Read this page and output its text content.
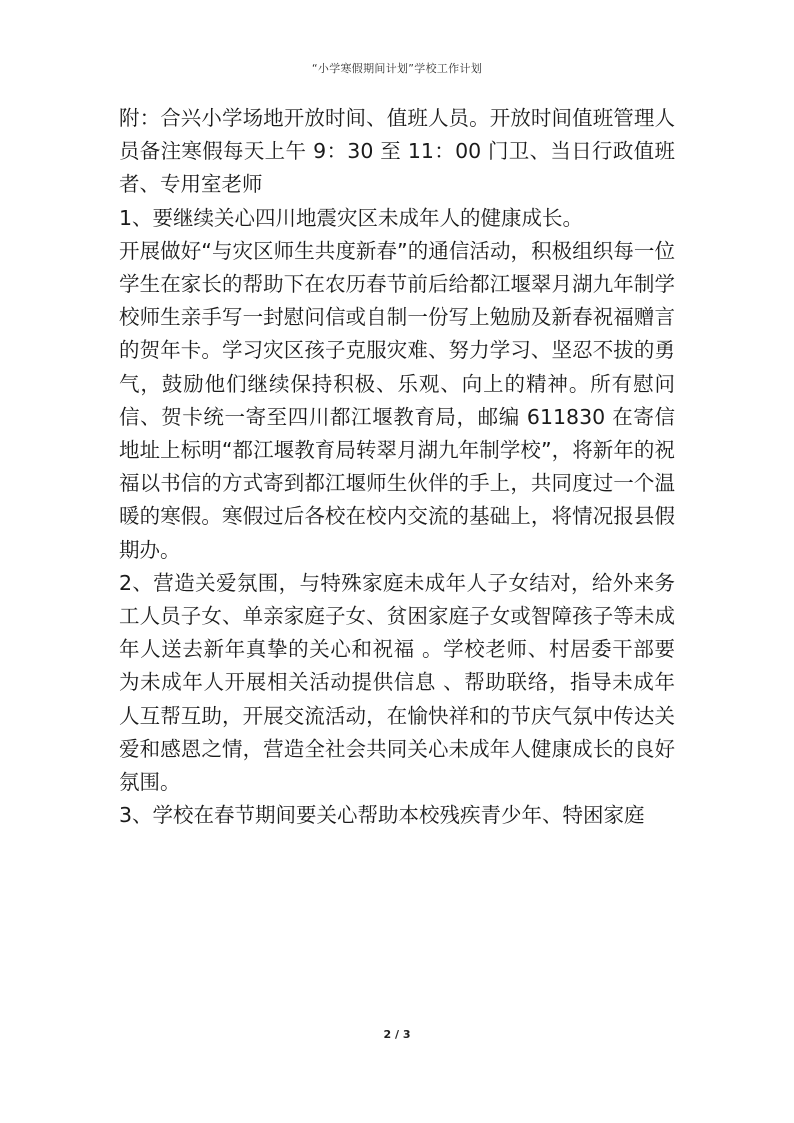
“小学寒假期间计划”学校工作计划

附：合兴小学场地开放时间、值班人员。开放时间值班管理人员备注寒假每天上午 9：30 至 11：00 门卫、当日行政值班者、专用室老师

1、要继续关心四川地震灾区未成年人的健康成长。

开展做好“与灾区师生共度新春”的通信活动，积极组织每一位学生在家长的帮助下在农历春节前后给都江堰翠月湖九年制学校师生亲手写一封慰问信或自制一份写上勉励及新春祝福赠言的贺年卡。学习灾区孩子克服灾难、努力学习、坚忍不拔的勇气，鼓励他们继续保持积极、乐观、向上的精神。所有慰问信、贺卡统一寄至四川都江堰教育局，邮编 611830 在寄信地址上标明“都江堰教育局转翠月湖九年制学校”，将新年的祝福以书信的方式寄到都江堰师生伙伴的手上，共同度过一个温暖的寒假。寒假过后各校在校内交流的基础上，将情况报县假期办。

2、营造关爱氛围，与特殊家庭未成年人子女结对，给外来务工人员子女、单亲家庭子女、贫困家庭子女或智障孩子等未成年人送去新年真挚的关心和祝福 。学校老师、村居委干部要为未成年人开展相关活动提供信息 、帮助联络，指导未成年人互帮互助，开展交流活动，在愉快祥和的节庆气氛中传达关爱和感恩之情，营造全社会共同关心未成年人健康成长的良好氛围。

3、学校在春节期间要关心帮助本校残疾青少年、特困家庭

2 / 3
